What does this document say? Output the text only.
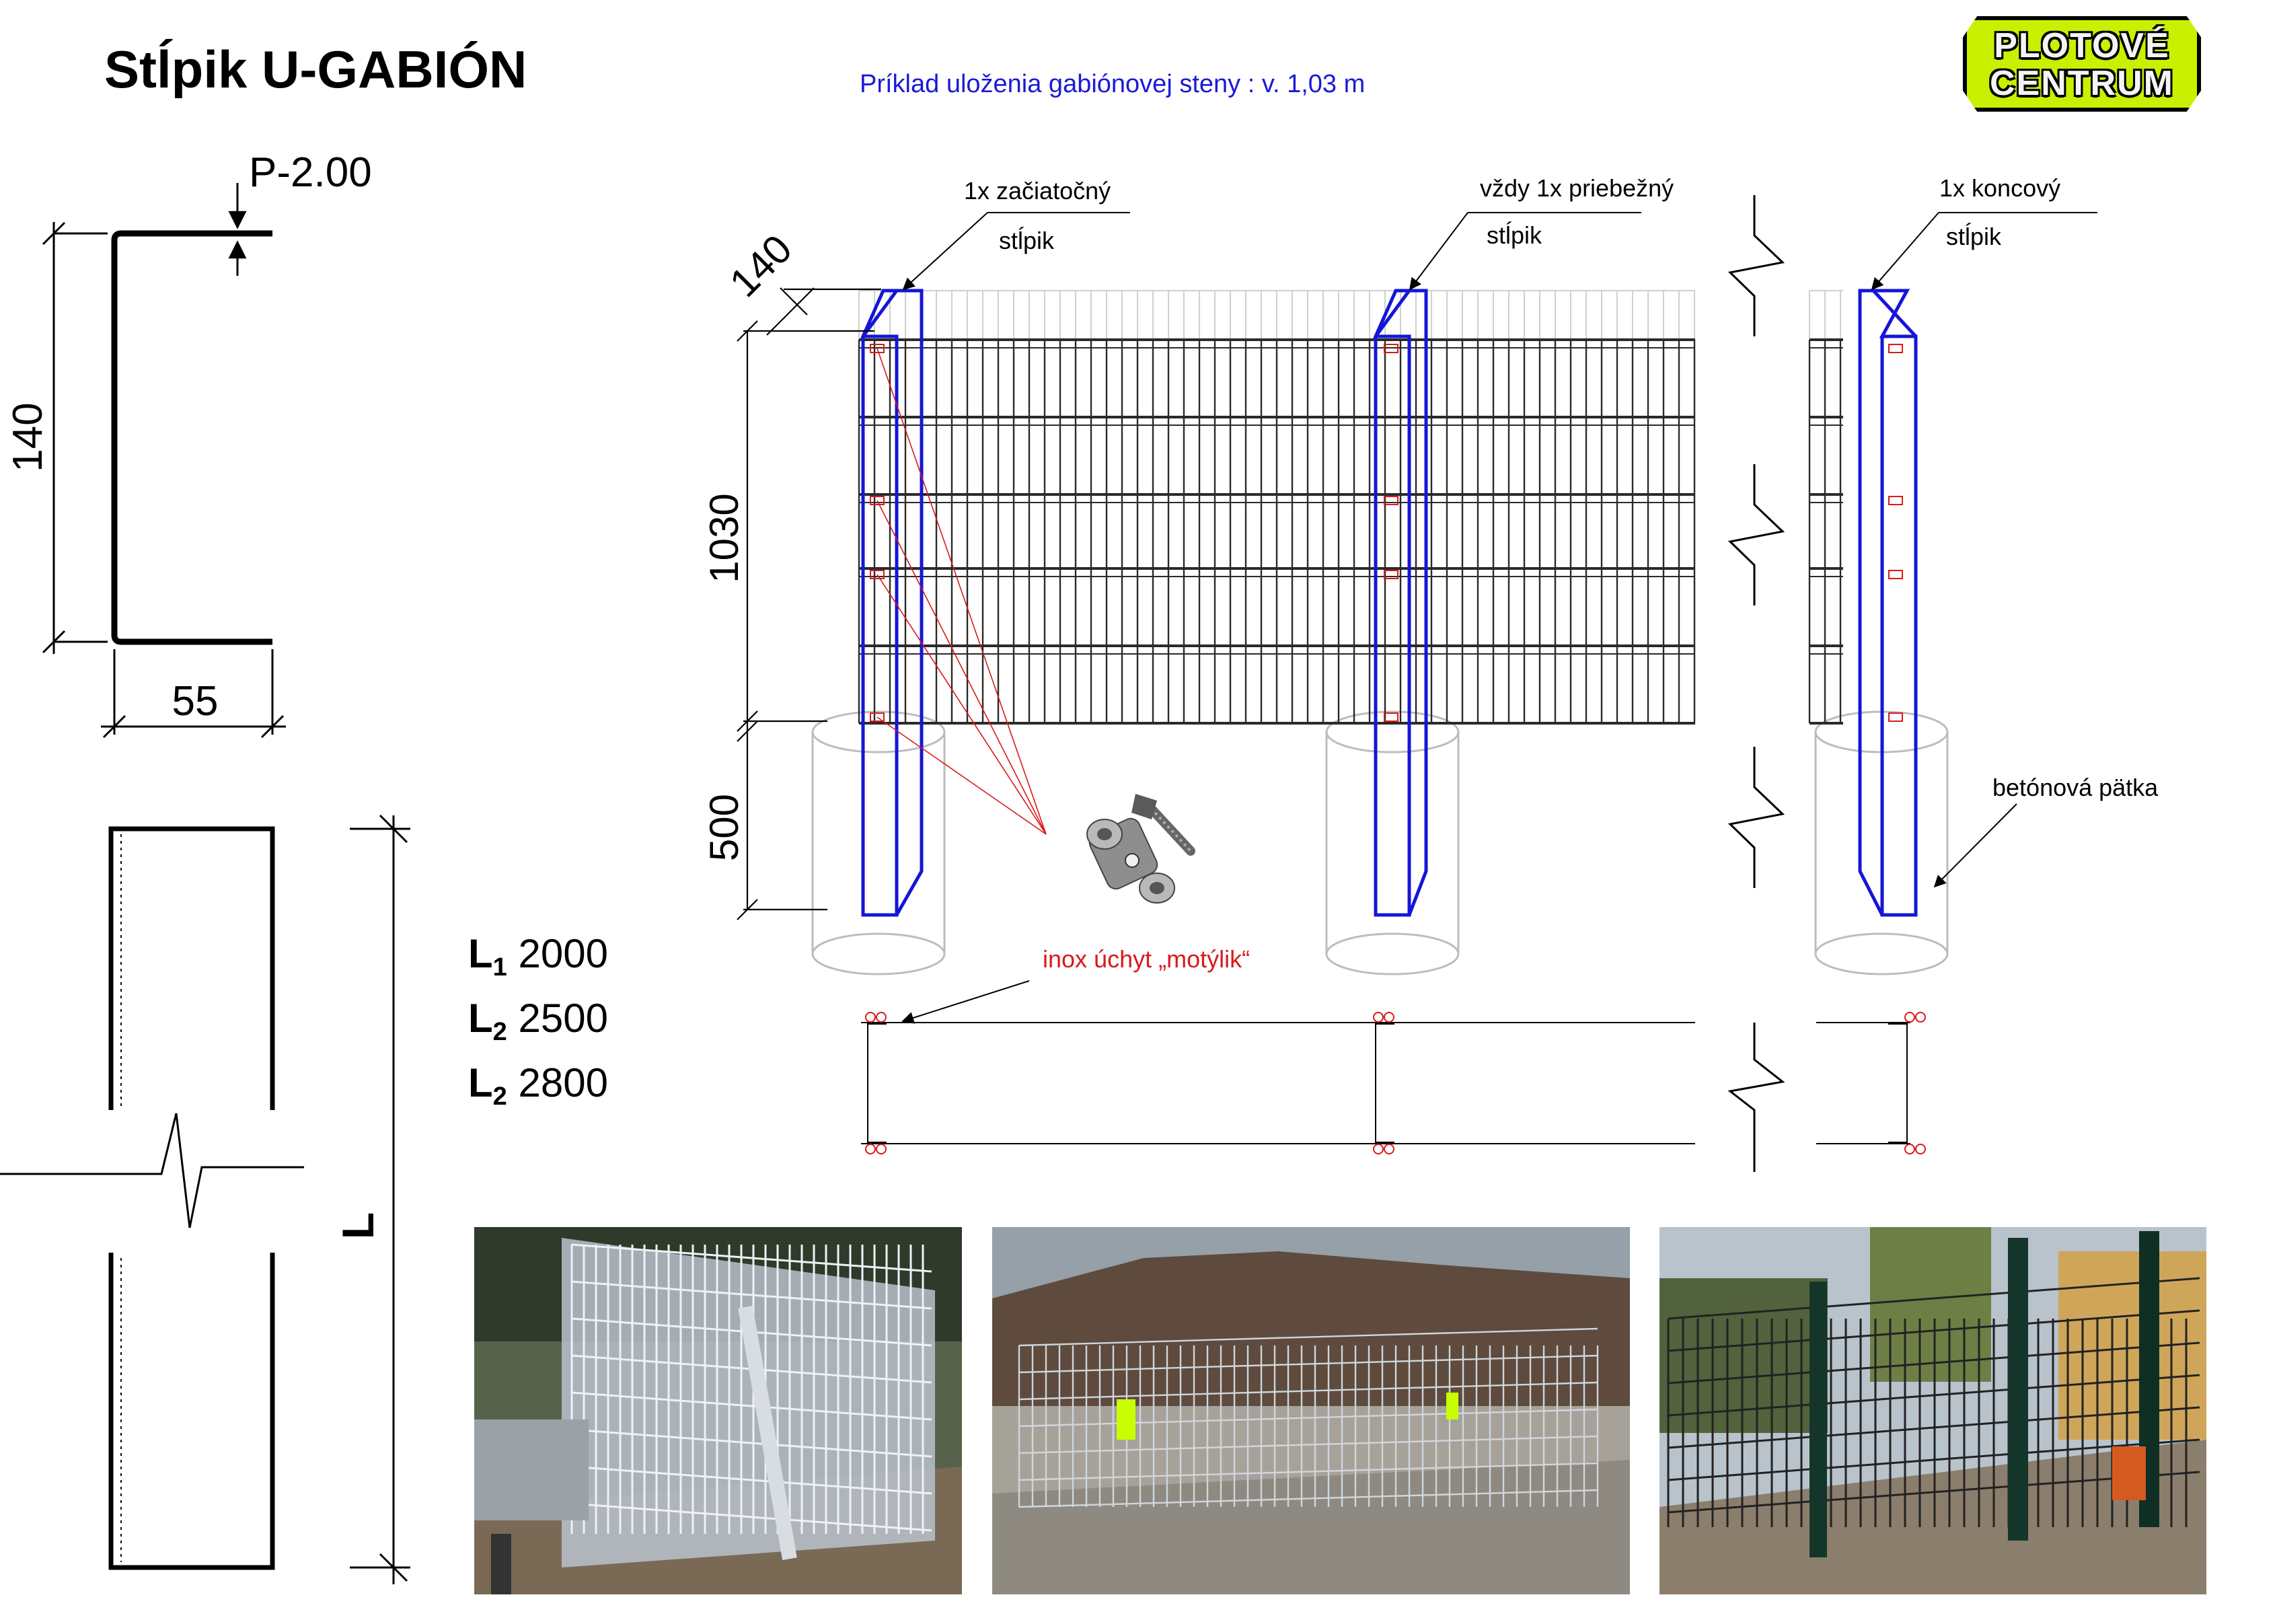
P-2.00
140
55
L
140
1030
500
1x začiatočný
stĺpik
vždy 1x priebežný
stĺpik
1x koncový
stĺpik
betónová pätka
inox úchyt „motýlik“
Stĺpik U-GABIÓN	Príklad uloženia gabiónovej steny : v. 1,03 m
PLOTOVÉ
CENTRUM
$L_1$ 2000
$L_2$ 2500
$L_2$ 2800
